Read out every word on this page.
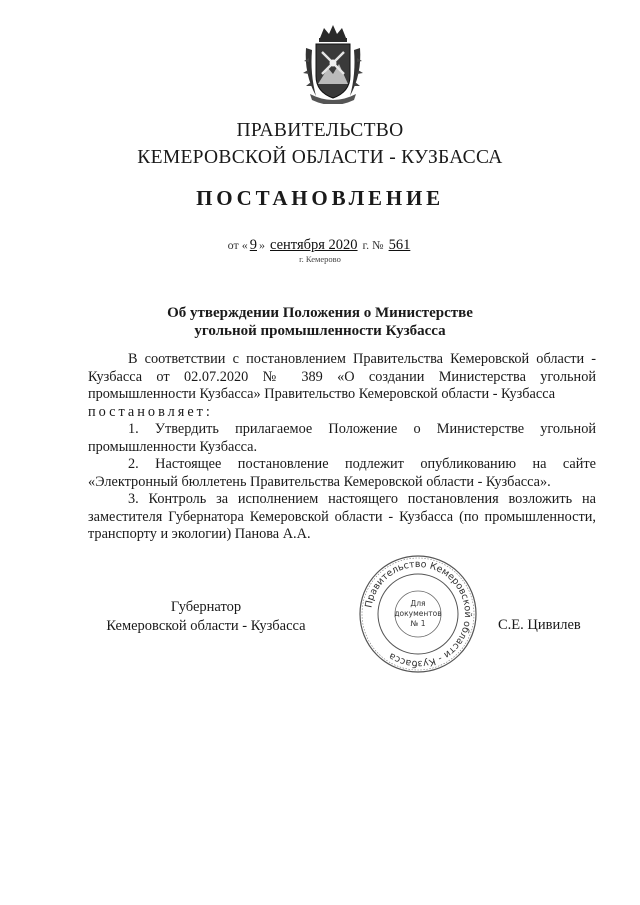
ПРАВИТЕЛЬСТВО
КЕМЕРОВСКОЙ ОБЛАСТИ - КУЗБАССА
ПОСТАНОВЛЕНИЕ
от « 9 » сентября 2020 г. № 561
г. Кемерово
Об утверждении Положения о Министерстве
угольной промышленности Кузбасса

В соответствии с постановлением Правительства Кемеровской области - Кузбасса от 02.07.2020 № 389 «О создании Министерства угольной промышленности Кузбасса» Правительство Кемеровской области - Кузбасса

постановляет:

1. Утвердить прилагаемое Положение о Министерстве угольной промышленности Кузбасса.

2. Настоящее постановление подлежит опубликованию на сайте «Электронный бюллетень Правительства Кемеровской области - Кузбасса».

3. Контроль за исполнением настоящего постановления возложить на заместителя Губернатора Кемеровской области - Кузбасса (по промышленности, транспорту и экологии) Панова А.А.

Губернатор
Кемеровской области - Кузбасса
Правительство Кемеровской области - Кузбасса
Для
документов
№ 1	С.Е. Цивилев
